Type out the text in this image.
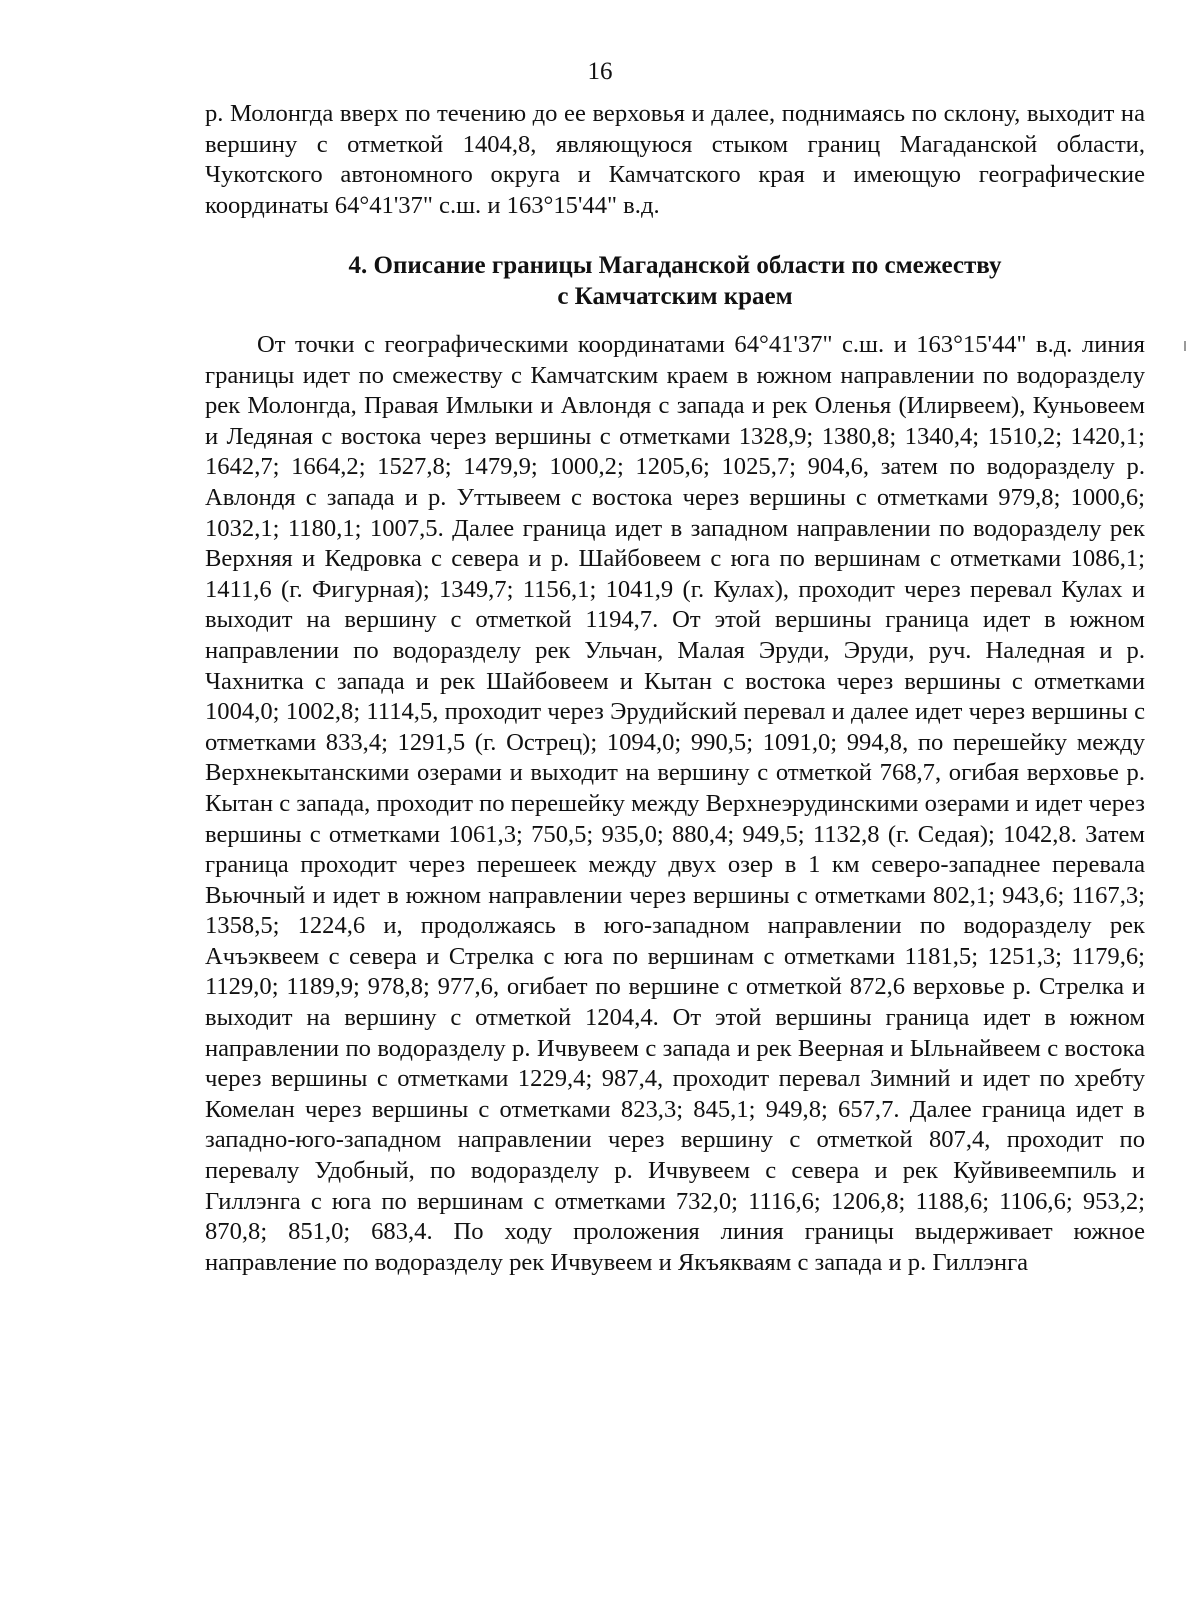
16

р. Молонгда вверх по течению до ее верховья и далее, поднимаясь по склону, выходит на вершину с отметкой 1404,8, являющуюся стыком границ Магаданской области, Чукотского автономного округа и Камчатского края и имеющую географические координаты 64°41'37" с.ш. и 163°15'44" в.д.

4. Описание границы Магаданской области по смежеству
с Камчатским краем

От точки с географическими координатами 64°41'37" с.ш. и 163°15'44" в.д. линия границы идет по смежеству с Камчатским краем в южном направлении по водоразделу рек Молонгда, Правая Имлыки и Авлондя с запада и рек Оленья (Илирвеем), Куньовеем и Ледяная с востока через вершины с отметками 1328,9; 1380,8; 1340,4; 1510,2; 1420,1; 1642,7; 1664,2; 1527,8; 1479,9; 1000,2; 1205,6; 1025,7; 904,6, затем по водоразделу р. Авлондя с запада и р. Уттывеем с востока через вершины с отметками 979,8; 1000,6; 1032,1; 1180,1; 1007,5. Далее граница идет в западном направлении по водоразделу рек Верхняя и Кедровка с севера и р. Шайбовеем с юга по вершинам с отметками 1086,1; 1411,6 (г. Фигурная); 1349,7; 1156,1; 1041,9 (г. Кулах), проходит через перевал Кулах и выходит на вершину с отметкой 1194,7. От этой вершины граница идет в южном направлении по водоразделу рек Ульчан, Малая Эруди, Эруди, руч. Наледная и р. Чахнитка с запада и рек Шайбовеем и Кытан с востока через вершины с отметками 1004,0; 1002,8; 1114,5, проходит через Эрудийский перевал и далее идет через вершины с отметками 833,4; 1291,5 (г. Острец); 1094,0; 990,5; 1091,0; 994,8, по перешейку между Верхнекытанскими озерами и выходит на вершину с отметкой 768,7, огибая верховье р. Кытан с запада, проходит по перешейку между Верхнеэрудинскими озерами и идет через вершины с отметками 1061,3; 750,5; 935,0; 880,4; 949,5; 1132,8 (г. Седая); 1042,8. Затем граница проходит через перешеек между двух озер в 1 км северо-западнее перевала Вьючный и идет в южном направлении через вершины с отметками 802,1; 943,6; 1167,3; 1358,5; 1224,6 и, продолжаясь в юго-западном направлении по водоразделу рек Ачъэквеем с севера и Стрелка с юга по вершинам с отметками 1181,5; 1251,3; 1179,6; 1129,0; 1189,9; 978,8; 977,6, огибает по вершине с отметкой 872,6 верховье р. Стрелка и выходит на вершину с отметкой 1204,4. От этой вершины граница идет в южном направлении по водоразделу р. Ичвувеем с запада и рек Веерная и Ыльнайвеем с востока через вершины с отметками 1229,4; 987,4, проходит перевал Зимний и идет по хребту Комелан через вершины с отметками 823,3; 845,1; 949,8; 657,7. Далее граница идет в западно-юго-западном направлении через вершину с отметкой 807,4, проходит по перевалу Удобный, по водоразделу р. Ичвувеем с севера и рек Куйвивеемпиль и Гиллэнга с юга по вершинам с отметками 732,0; 1116,6; 1206,8; 1188,6; 1106,6; 953,2; 870,8; 851,0; 683,4. По ходу проложения линия границы выдерживает южное направление по водоразделу рек Ичвувеем и Якъякваям с запада и р. Гиллэнга
